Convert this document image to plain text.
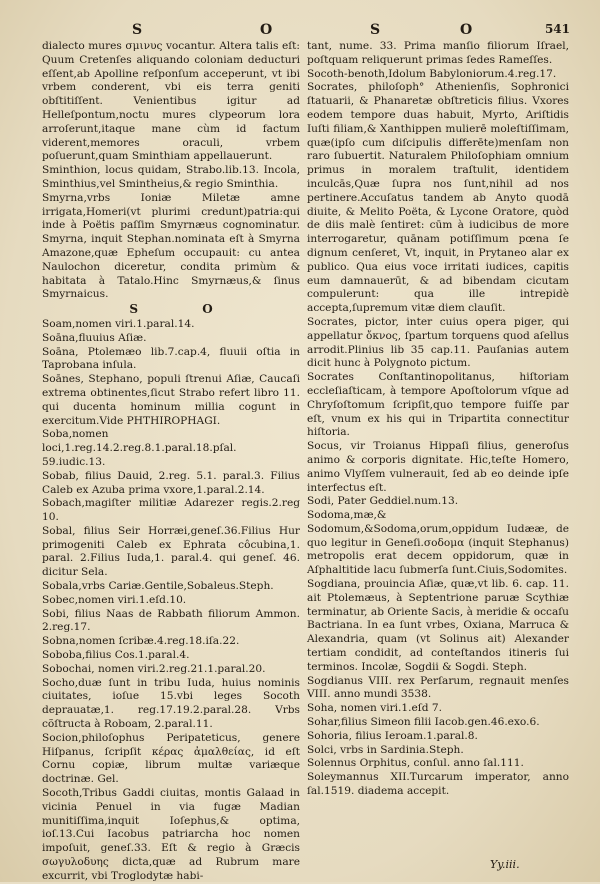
S	O	S	O	541

dialecto mures σμινυς vocantur. Altera talis eſt: Quum Cretenſes aliquando coloniam deducturi eſſent,ab Apolline reſponſum acceperunt, vt ibi vrbem conderent, vbi eis terra geniti obſtitiſſent. Venientibus igitur ad Helleſpontum,noctu mures clypeorum lora arroſerunt,itaque mane cùm id factum viderent,memores oraculi, vrbem poſuerunt,quam Sminthiam appellauerunt.

Sminthion, locus quidam, Strabo.lib.13. Incola, Sminthius,vel Smintheius,& regio Sminthia.

Smyrna,vrbs Ioniæ Miletæ amne irrigata,Homeri(vt plurimi credunt)patria:qui inde à Poëtis paſſim Smyrnæus cognominatur. Smyrna, inquit Stephan.nominata eſt à Smyrna Amazone,quæ Epheſum occupauit: cu antea Naulochon diceretur, condita primùm & habitata à Tatalo.Hinc Smyrnæus,& ſinus Smyrnaicus.

S O

Soam,nomen viri.1.paral.14.

Soāna,fluuius Aſiæ.

Soāna, Ptolemæo lib.7.cap.4, fluuii oſtia in Taprobana inſula.

Soānes, Stephano, populi ſtrenui Aſiæ, Caucaſi extrema obtinentes,ſicut Strabo refert libro 11. qui ducenta hominum millia cogunt in exercitum.Vide PHTHIROPHAGI.

Soba,nomen loci,1.reg.14.2.reg.8.1.paral.18.pſal. 59.iudic.13.

Sobab, filius Dauid, 2.reg. 5.1. paral.3. Filius Caleb ex Azuba prima vxore,1.paral.2.14.

Sobach,magiſter militiæ Adarezer regis.2.reg 10.

Sobal, filius Seir Horræi,geneſ.36.Filius Hur primogeniti Caleb ex Ephrata côcubina,1. paral. 2.Filius Iuda,1. paral.4. qui geneſ. 46. dicitur Sela.

Sobala,vrbs Cariæ.Gentile,Sobaleus.Steph.

Sobec,nomen viri.1.eſd.10.

Sobi, filius Naas de Rabbath filiorum Ammon. 2.reg.17.

Sobna,nomen ſcribæ.4.reg.18.iſa.22.

Soboba,filius Cos.1.paral.4.

Sobochai, nomen viri.2.reg.21.1.paral.20.

Socho,duæ ſunt in tribu Iuda, huius nominis ciuitates, ioſue 15.vbi leges Socoth deprauatæ,1. reg.17.19.2.paral.28. Vrbs cõſtructa à Roboam, 2.paral.11.

Socion,philoſophus Peripateticus, genere Hiſpanus, ſcripſit κέρας ἀμαλθείας, id eſt Cornu copiæ, librum multæ variæque doctrinæ. Gel.

Socoth,Tribus Gaddi ciuitas, montis Galaad in vicinia Penuel in via fugæ Madian munitiſſima,inquit Ioſephus,& optima, ioſ.13.Cui Iacobus patriarcha hoc nomen impoſuit, geneſ.33. Eſt & regio à Græcis σωγυλοδυης dicta,quæ ad Rubrum mare excurrit, vbi Troglodytæ habi-

tant, nume. 33. Prima manſio filiorum Iſrael, poſtquam reliquerunt primas ſedes Rameſſes.

Socoth-benoth,Idolum Babyloniorum.4.reg.17.

Socrates, philoſoph° Athenienſis, Sophronici ſtatuarii, & Phanaretæ obſtreticis filius. Vxores eodem tempore duas habuit, Myrto, Ariſtidis Iuſti filiam,& Xanthippen mulierē moleſtiſſimam, quæ(ipſo cum diſcipulis differēte)menſam non raro ſubuertit. Naturalem Philoſophiam omnium primus in moralem traſtulit, identidem inculcās,Quæ ſupra nos ſunt,nihil ad nos pertinere.Accuſatus tandem ab Anyto quodā diuite, & Melito Poëta, & Lycone Oratore, quòd de diis malè ſentiret: cūm à iudicibus de more interrogaretur, quānam potiſſimum pœna ſe dignum cenſeret, Vt, inquit, in Prytaneo alar ex publico. Qua eius voce irritati iudices, capitis eum damnauerūt, & ad bibendam cicutam compulerunt: qua ille intrepidè accepta,ſupremum vitæ diem clauſit.

Socrates, pictor, inter cuius opera piger, qui appellatur ὄκνος, ſpartum torquens quod aſellus arrodit.Plinius lib 35 cap.11. Pauſanias autem dicit hunc à Polygnoto pictum.

Socrates Conſtantinopolitanus, hiſtoriam eccleſiaſticam, à tempore Apoſtolorum vſque ad Chryſoſtomum ſcripſit,quo tempore fuiſſe par eſt, vnum ex his qui in Tripartita connectitur hiſtoria.

Socus, vir Troianus Hippaſi filius, generoſus animo & corporis dignitate. Hic,teſte Homero, animo Vlyſſem vulnerauit, ſed ab eo deinde ipſe interfectus eſt.

Sodi, Pater Geddiel.num.13.

Sodoma,mæ,& Sodomum,&Sodoma,orum,oppidum Iudææ, de quo legitur in Geneſi.σοδομα (inquit Stephanus) metropolis erat decem oppidorum, quæ in Aſphaltitide lacu ſubmerſa ſunt.Ciuis,Sodomites.

Sogdiana, prouincia Aſiæ, quæ,vt lib. 6. cap. 11. ait Ptolemæus, à Septentrione paruæ Scythiæ terminatur, ab Oriente Sacis, à meridie & occaſu Bactriana. In ea ſunt vrbes, Oxiana, Marruca & Alexandria, quam (vt Solinus ait) Alexander tertiam condidit, ad conteſtandos itineris ſui terminos. Incolæ, Sogdii & Sogdi. Steph.

Sogdianus VIII. rex Perſarum, regnauit menſes VIII. anno mundi 3538.

Soha, nomen viri.1.eſd 7.

Sohar,filius Simeon filii Iacob.gen.46.exo.6.

Sohoria, filius Ieroam.1.paral.8.

Solci, vrbs in Sardinia.Steph.

Solennus Orphitus, conſul. anno ſal.111.

Soleymannus XII.Turcarum imperator, anno ſal.1519. diadema accepit.

Yy.iii.
